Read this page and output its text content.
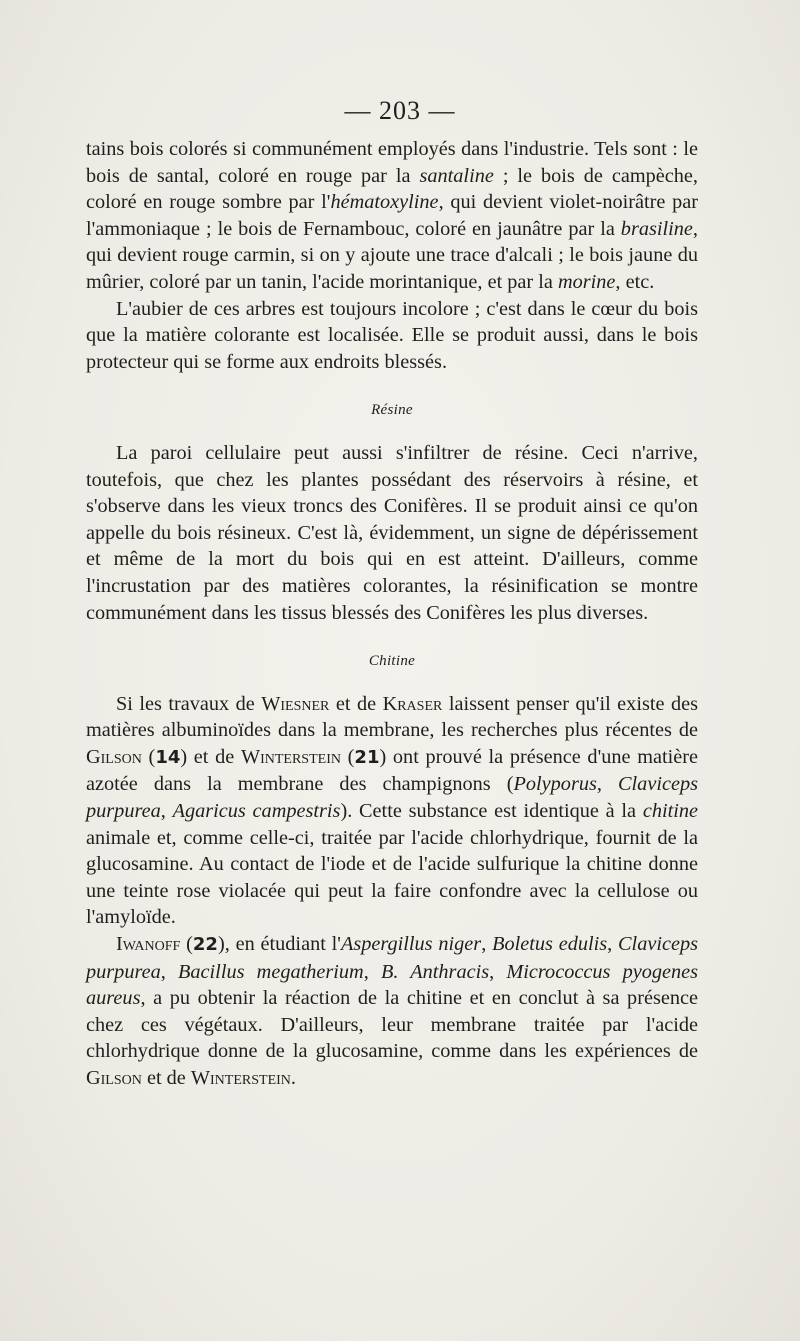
— 203 —

tains bois colorés si communément employés dans l'industrie. Tels sont : le bois de santal, coloré en rouge par la santaline ; le bois de campèche, coloré en rouge sombre par l'hématoxyline, qui devient violet-noirâtre par l'ammoniaque ; le bois de Fernambouc, coloré en jaunâtre par la brasiline, qui devient rouge carmin, si on y ajoute une trace d'alcali ; le bois jaune du mûrier, coloré par un tanin, l'acide morintanique, et par la morine, etc.

L'aubier de ces arbres est toujours incolore ; c'est dans le cœur du bois que la matière colorante est localisée. Elle se produit aussi, dans le bois protecteur qui se forme aux endroits blessés.

Résine

La paroi cellulaire peut aussi s'infiltrer de résine. Ceci n'arrive, toutefois, que chez les plantes possédant des réservoirs à résine, et s'observe dans les vieux troncs des Conifères. Il se produit ainsi ce qu'on appelle du bois résineux. C'est là, évidemment, un signe de dépérissement et même de la mort du bois qui en est atteint. D'ailleurs, comme l'incrustation par des matières colorantes, la résinification se montre communément dans les tissus blessés des Conifères les plus diverses.

Chitine

Si les travaux de Wiesner et de Kraser laissent penser qu'il existe des matières albuminoïdes dans la membrane, les recherches plus récentes de Gilson (14) et de Winterstein (21) ont prouvé la présence d'une matière azotée dans la membrane des champignons (Polyporus, Claviceps purpurea, Agaricus campestris). Cette substance est identique à la chitine animale et, comme celle-ci, traitée par l'acide chlorhydrique, fournit de la glucosamine. Au contact de l'iode et de l'acide sulfurique la chitine donne une teinte rose violacée qui peut la faire confondre avec la cellulose ou l'amyloïde.

Iwanoff (22), en étudiant l'Aspergillus niger, Boletus edulis, Claviceps purpurea, Bacillus megatherium, B. Anthracis, Micrococcus pyogenes aureus, a pu obtenir la réaction de la chitine et en conclut à sa présence chez ces végétaux. D'ailleurs, leur membrane traitée par l'acide chlorhydrique donne de la glucosamine, comme dans les expériences de Gilson et de Winterstein.
